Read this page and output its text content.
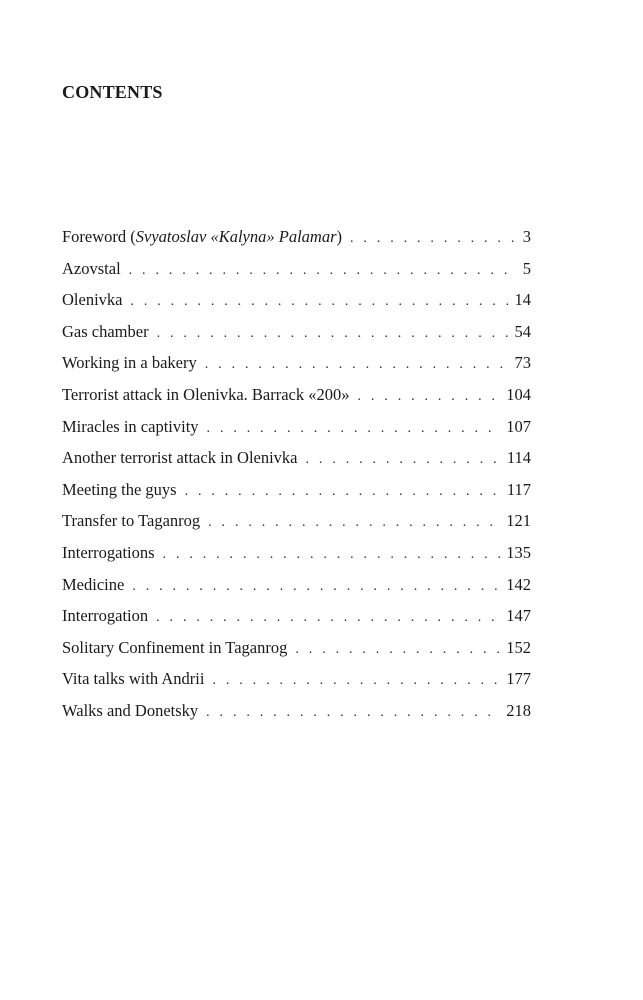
CONTENTS
Foreword (Svyatoslav «Kalyna» Palamar) . . .	3
Azovstal . . .	5
Olenivka . . .	14
Gas chamber . . .	54
Working in a bakery . . .	73
Terrorist attack in Olenivka. Barrack «200» . . .	104
Miracles in captivity . . .	107
Another terrorist attack in Olenivka . . .	114
Meeting the guys . . .	117
Transfer to Taganrog . . .	121
Interrogations . . .	135
Medicine . . .	142
Interrogation . . .	147
Solitary Confinement in Taganrog . . .	152
Vita talks with Andrii . . .	177
Walks and Donetsky . . .	218
